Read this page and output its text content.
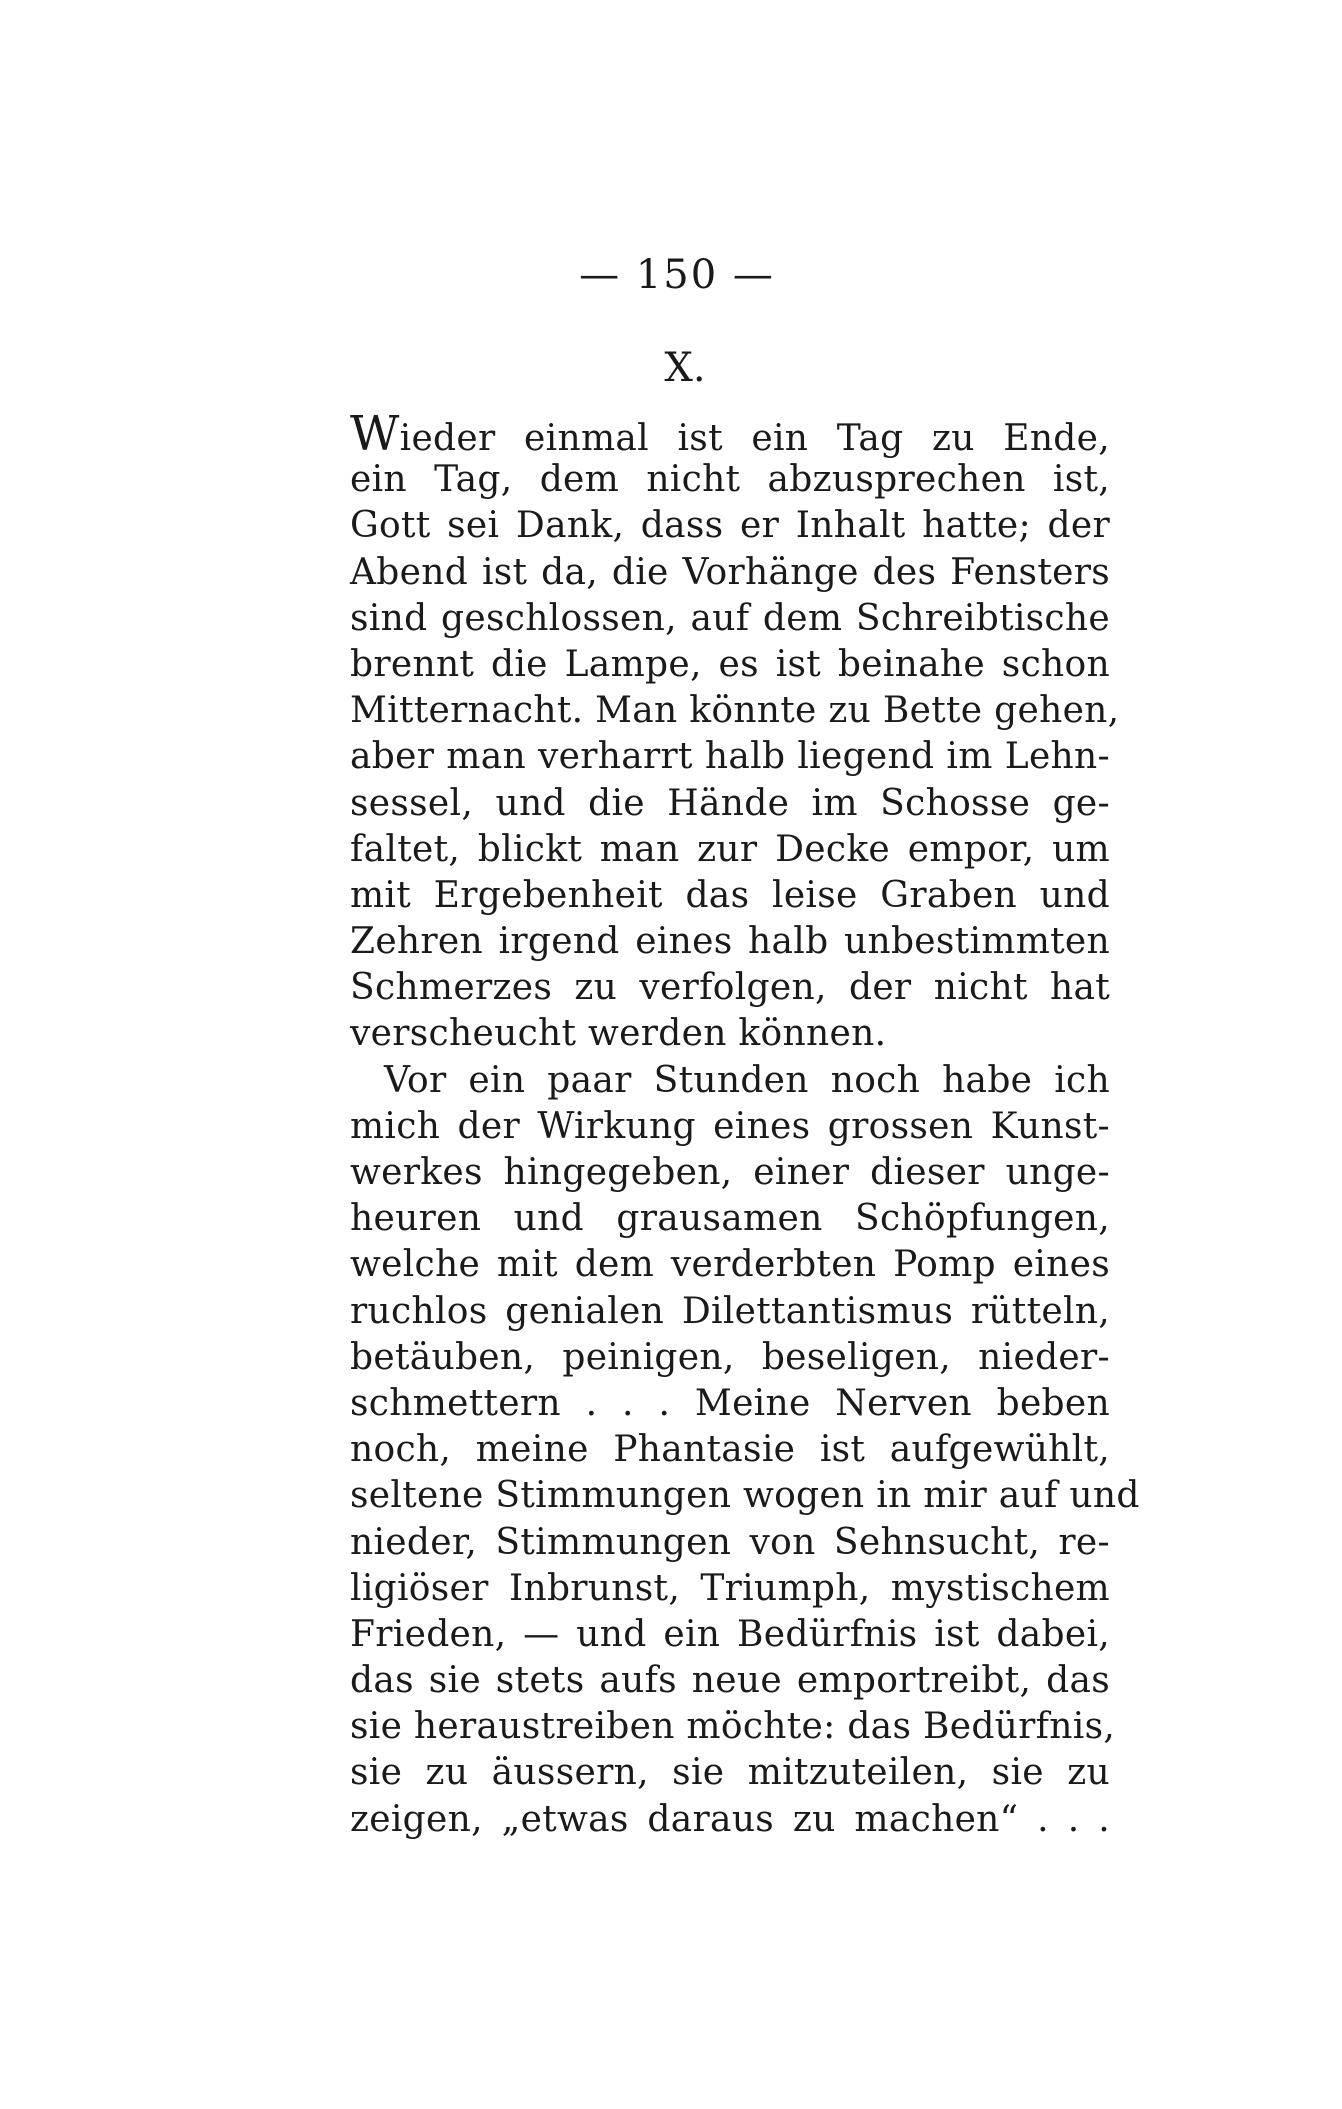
— 150 —
X.
Wieder einmal ist ein Tag zu Ende,
ein Tag, dem nicht abzusprechen ist,
Gott sei Dank, dass er Inhalt hatte; der
Abend ist da, die Vorhänge des Fensters
sind geschlossen, auf dem Schreibtische
brennt die Lampe, es ist beinahe schon
Mitternacht. Man könnte zu Bette gehen,
aber man verharrt halb liegend im Lehn-
sessel, und die Hände im Schosse ge-
faltet, blickt man zur Decke empor, um
mit Ergebenheit das leise Graben und
Zehren irgend eines halb unbestimmten
Schmerzes zu verfolgen, der nicht hat
verscheucht werden können.
Vor ein paar Stunden noch habe ich
mich der Wirkung eines grossen Kunst-
werkes hingegeben, einer dieser unge-
heuren und grausamen Schöpfungen,
welche mit dem verderbten Pomp eines
ruchlos genialen Dilettantismus rütteln,
betäuben, peinigen, beseligen, nieder-
schmettern . . . Meine Nerven beben
noch, meine Phantasie ist aufgewühlt,
seltene Stimmungen wogen in mir auf und
nieder, Stimmungen von Sehnsucht, re-
ligiöser Inbrunst, Triumph, mystischem
Frieden, — und ein Bedürfnis ist dabei,
das sie stets aufs neue emportreibt, das
sie heraustreiben möchte: das Bedürfnis,
sie zu äussern, sie mitzuteilen, sie zu
zeigen, „etwas daraus zu machen“ . . .
